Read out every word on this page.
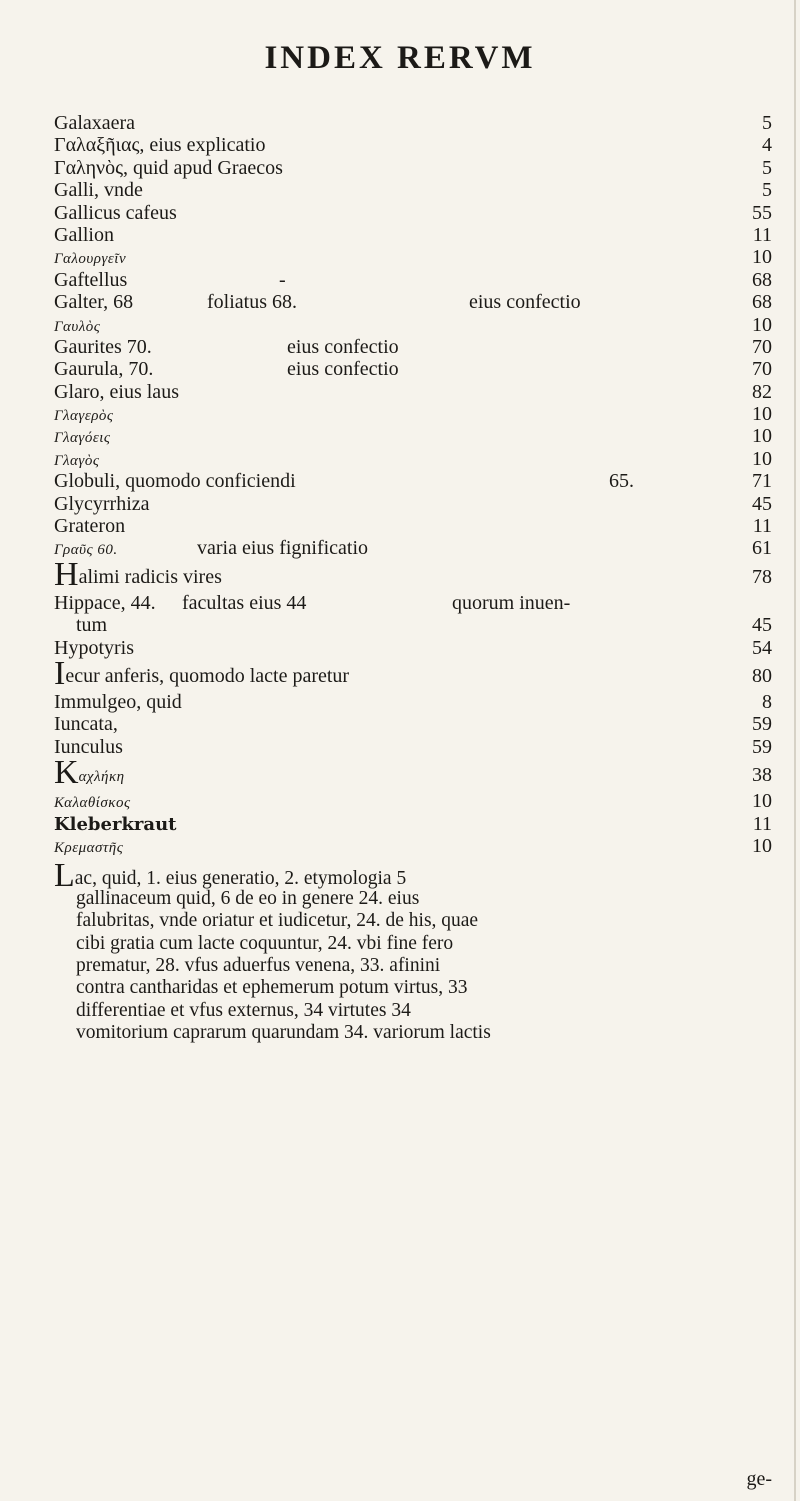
INDEX RERVM
Galaxaera	5
Γαλαξῆιας, eius explicatio	4
Γαληνὸς, quid apud Graecos	5
Galli, vnde	5
Gallicus cafeus	55
Gallion	11
Γαλουργεῖν	10
Gaftellus	-	68
Galter, 68	foliatus 68.	eius confectio	68
Γαυλὸς	10
Gaurites 70.	eius confectio	70
Gaurula, 70.	eius confectio	70
Glaro, eius laus	82
Γλαγερὸς	10
Γλαγόεις	10
Γλαγὸς	10
Globuli, quomodo conficiendi	65.	71
Glycyrrhiza	45
Grateron	11
Γραῦς 60.	varia eius fignificatio	61
Halimi radicis vires	78
Hippace, 44. facultas eius 44	quorum inuen-
tum	45
Hypotyris	54
Iecur anferis, quomodo lacte paretur	80
Immulgeo, quid	8
Iuncata,	59
Iunculus	59
Kαχλήκη	38
Καλαθίσκος	10
Kleberkraut	11
Κρεμαστῆς	10
Lac, quid, 1. eius generatio, 2. etymologia 5
gallinaceum quid, 6 de eo in genere 24. eius
falubritas, vnde oriatur et iudicetur, 24. de his, quae
cibi gratia cum lacte coquuntur, 24. vbi fine fero
prematur, 28. vfus aduerfus venena, 33. afinini
contra cantharidas et ephemerum potum virtus, 33
differentiae et vfus externus, 34 virtutes 34
vomitorium caprarum quarundam 34. variorum lactis
ge-
